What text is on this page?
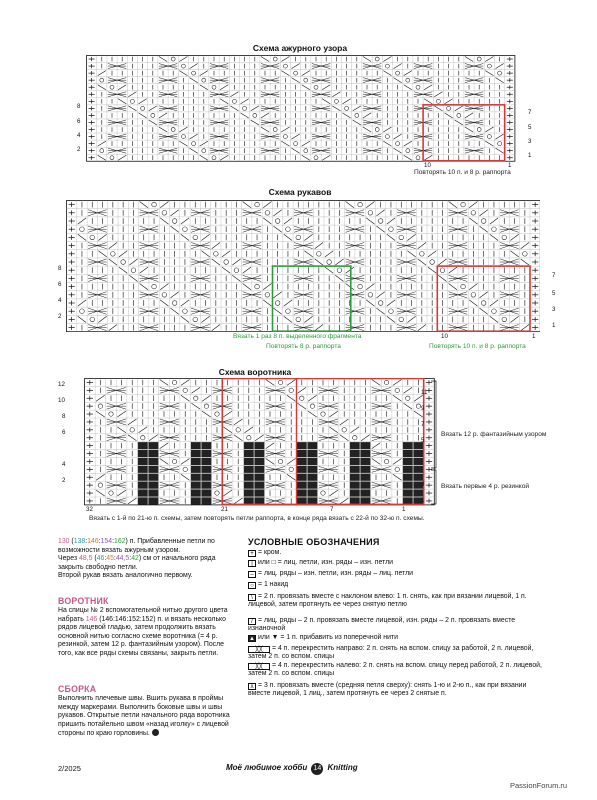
Схема ажурного узора
8
6
4
2
7
5
3
1
10	1
Повторять 10 п. и 8 р. раппорта
Схема рукавов
8
6
4
2
7
5
3
1
10	1
Вязать 1 раз 8 п. выделенного фрагмента
Повторять 8 р. раппорта	Повторять 10 п. и 8 р. раппорта
Схема воротника
12
10
8
6
4
2
11
9
7
5
3
1
32	21	7	1
Вязать 12 р. фантазийным узором
Вязать первые 4 р. резинкой
Вязать с 1-й по 21-ю п. схемы, затем повторять петли раппорта, в конце ряда вязать с 22-й по 32-ю п. схемы.
130 (138:146:154:162) п. Прибавленные петли по возможности вязать ажурным узором.
Через 48,5 (46:45:44,5:42) см от начального ряда закрыть свободно петли.
Второй рукав вязать аналогично первому.
ВОРОТНИК
На спицы № 2 вспомогательной нитью другого цвета набрать 146 (146:146:152:152) п. и вязать несколько рядов лицевой гладью, затем продолжить вязать основной нитью согласно схеме воротника (= 4 р. резинкой, затем 12 р. фантазийным узором). После того, как все ряды схемы связаны, закрыть петли.
СБОРКА
Выполнить плечевые швы. Вшить рукава в проймы между маркерами. Выполнить боковые швы и швы рукавов. Открытые петли начального ряда воротника пришить потайельно швом «назад иголку» с лицевой стороны по краю горловины.
УСЛОВНЫЕ ОБОЗНАЧЕНИЯ
+ = кром.
| или □ = лиц. петли, изн. ряды – изн. петли
– = лиц. ряды – изн. петли, изн. ряды – лиц. петли
○ = 1 накид
\ = 2 п. провязать вместе с наклоном влево: 1 п. снять, как при вязании лицевой, 1 п. лицевой, затем протянуть ее через снятую петлю
/ = лиц. ряды – 2 п. провязать вместе лицевой, изн. ряды – 2 п. провязать вместе изнаночной
▲ или ▼ = 1 п. прибавить из поперечной нити
╳╳ = 4 п. перекрестить направо: 2 п. снять на вспом. спицу за работой, 2 п. лицевой, затем 2 п. со вспом. спицы
╳╳ = 4 п. перекрестить налево: 2 п. снять на вспом. спицу перед работой, 2 п. лицевой, затем 2 п. со вспом. спицы
λ = 3 п. провязать вместе (средняя петля сверху): снять 1-ю и 2-ю п., как при вязании вместе лицевой, 1 лиц., затем протянуть ее через 2 снятые п.
2/2025	Моё любимое хобби 14 Knitting
PassionForum.ru
